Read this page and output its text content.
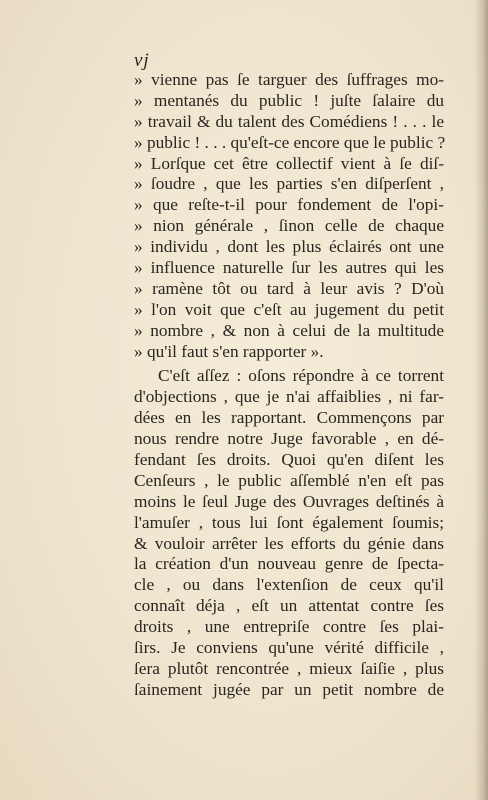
vj
» vienne pas ſe targuer des ſuffrages mo-
» mentanés du public ! juſte ſalaire du
» travail & du talent des Comédiens ! . . . le
» public ! . . . qu'eſt-ce encore que le public ?
» Lorſque cet être collectif vient à ſe diſ-
» ſoudre , que les parties s'en diſperſent ,
» que reſte-t-il pour fondement de l'opi-
» nion générale , ſinon celle de chaque
» individu , dont les plus éclairés ont une
» influence naturelle ſur les autres qui les
» ramène tôt ou tard à leur avis ? D'où
» l'on voit que c'eſt au jugement du petit
» nombre , & non à celui de la multitude
» qu'il faut s'en rapporter ».
C'eſt aſſez : oſons répondre à ce torrent
d'objections , que je n'ai affaiblies , ni far-
dées en les rapportant. Commençons par
nous rendre notre Juge favorable , en dé-
fendant ſes droits. Quoi qu'en diſent les
Cenſeurs , le public aſſemblé n'en eſt pas
moins le ſeul Juge des Ouvrages deſtinés à
l'amuſer , tous lui ſont également ſoumis;
& vouloir arrêter les efforts du génie dans
la création d'un nouveau genre de ſpecta-
cle , ou dans l'extenſion de ceux qu'il
connaît déja , eſt un attentat contre ſes
droits , une entrepriſe contre ſes plai-
ſirs. Je conviens qu'une vérité difficile ,
ſera plutôt rencontrée , mieux ſaiſie , plus
ſainement jugée par un petit nombre de
